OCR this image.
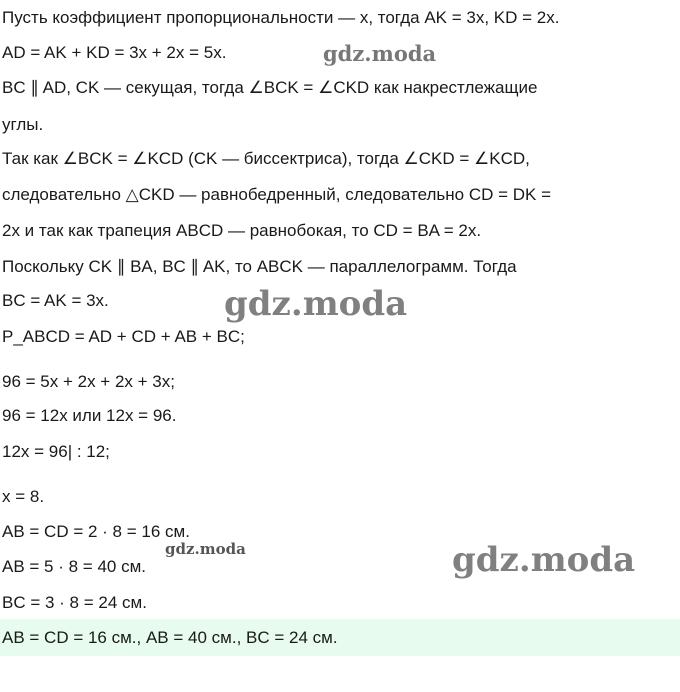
Пусть коэффициент пропорциональности — x, тогда AK = 3x, KD = 2x.
AD = AK + KD = 3x + 2x = 5x.
BC ∥ AD, CK — секущая, тогда ∠BCK = ∠CKD как накрестлежащие
углы.
Так как ∠BCK = ∠KCD (CK — биссектриса), тогда ∠CKD = ∠KCD,
следовательно △CKD — равнобедренный, следовательно CD = DK =
2x и так как трапеция ABCD — равнобокая, то CD = BA = 2x.
Поскольку CK ∥ BA, BC ∥ AK, то ABCK — параллелограмм. Тогда
BC = AK = 3x.
P_ABCD = AD + CD + AB + BC;
96 = 5x + 2x + 2x + 3x;
96 = 12x или 12x = 96.
12x = 96| : 12;
x = 8.
AB = CD = 2 · 8 = 16 см.
AB = 5 · 8 = 40 см.
BC = 3 · 8 = 24 см.
AB = CD = 16 см., AB = 40 см., BC = 24 см.
gdz.moda
gdz.moda
gdz.moda	gdz.moda
